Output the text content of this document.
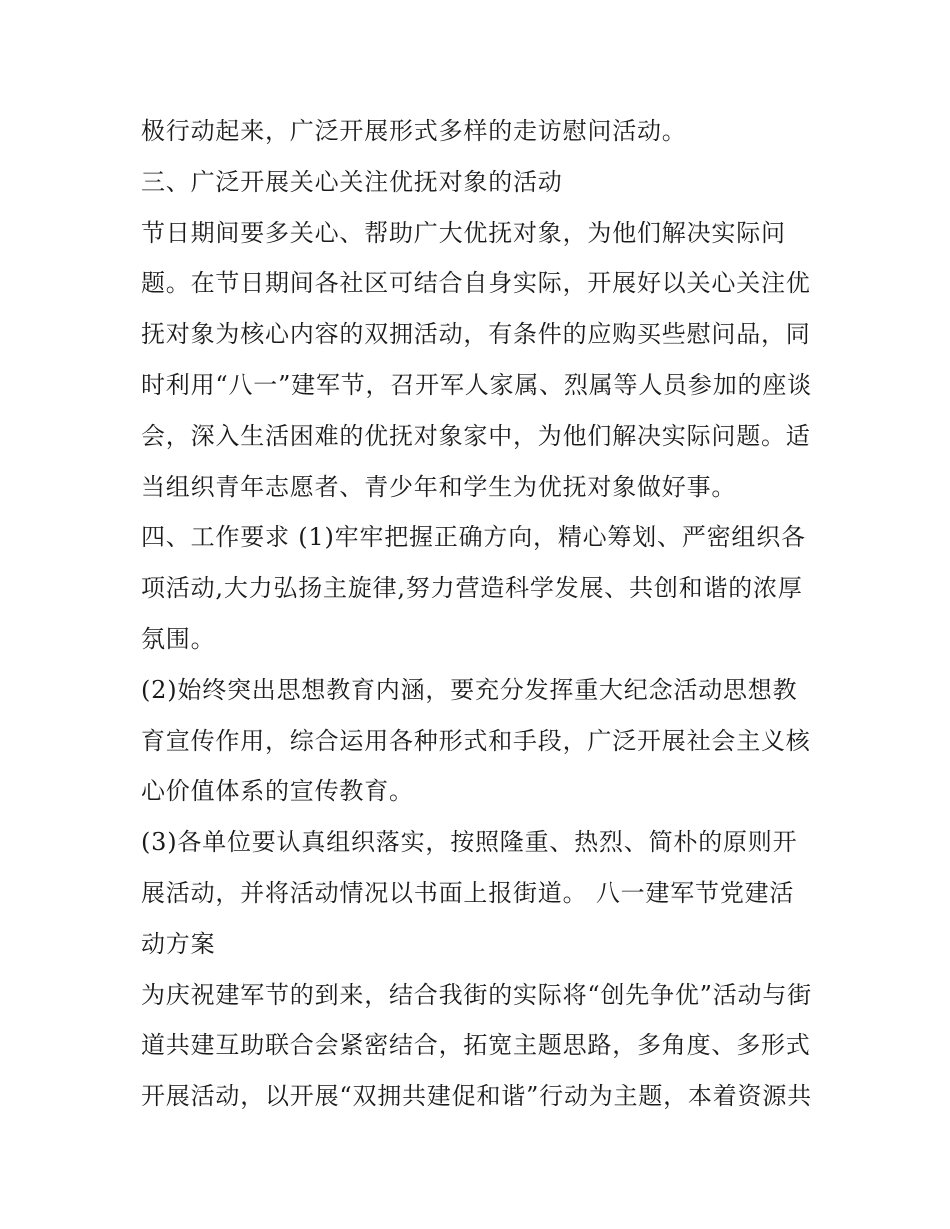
极行动起来，广泛开展形式多样的走访慰问活动。

三、广泛开展关心关注优抚对象的活动

节日期间要多关心、帮助广大优抚对象，为他们解决实际问

题。在节日期间各社区可结合自身实际，开展好以关心关注优

抚对象为核心内容的双拥活动，有条件的应购买些慰问品，同

时利用“八一”建军节，召开军人家属、烈属等人员参加的座谈

会，深入生活困难的优抚对象家中，为他们解决实际问题。适

当组织青年志愿者、青少年和学生为优抚对象做好事。

四、工作要求 (1)牢牢把握正确方向，精心筹划、严密组织各

项活动,大力弘扬主旋律,努力营造科学发展、共创和谐的浓厚

氛围。

(2)始终突出思想教育内涵，要充分发挥重大纪念活动思想教

育宣传作用，综合运用各种形式和手段，广泛开展社会主义核

心价值体系的宣传教育。

(3)各单位要认真组织落实，按照隆重、热烈、简朴的原则开

展活动，并将活动情况以书面上报街道。 八一建军节党建活

动方案

为庆祝建军节的到来，结合我街的实际将“创先争优”活动与街

道共建互助联合会紧密结合，拓宽主题思路，多角度、多形式

开展活动，以开展“双拥共建促和谐”行动为主题，本着资源共
